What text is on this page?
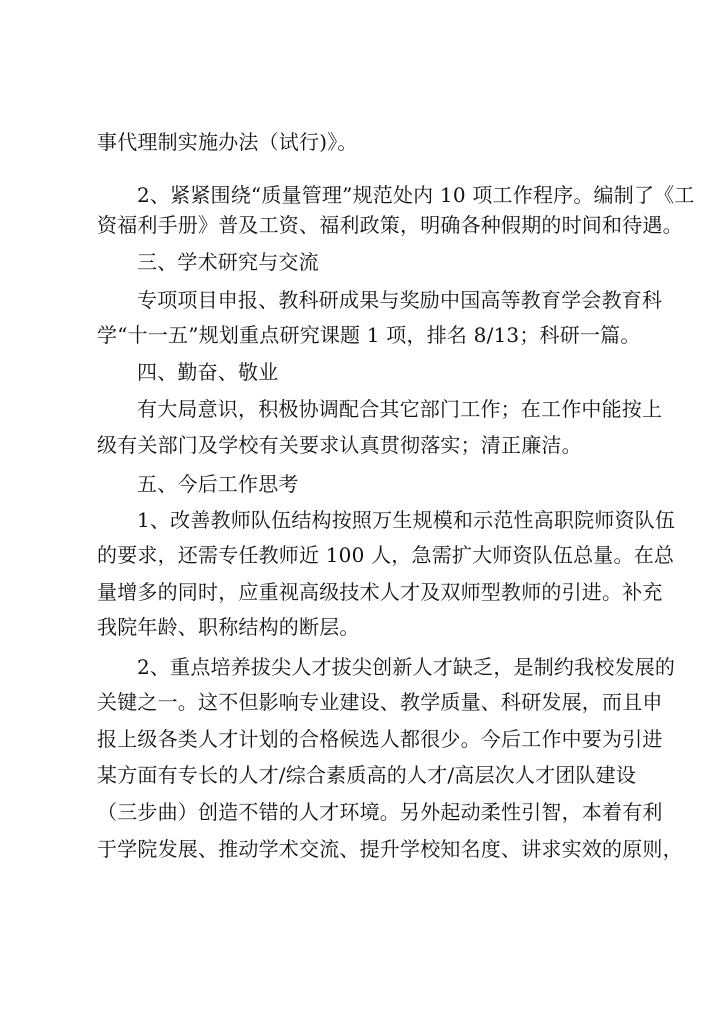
事代理制实施办法（试行)》。
2、紧紧围绕“质量管理”规范处内 10 项工作程序。编制了《工
资福利手册》普及工资、福利政策，明确各种假期的时间和待遇。
三、学术研究与交流
专项项目申报、教科研成果与奖励中国高等教育学会教育科
学“十一五”规划重点研究课题 1 项，排名 8/13；科研一篇。
四、勤奋、敬业
有大局意识，积极协调配合其它部门工作；在工作中能按上
级有关部门及学校有关要求认真贯彻落实；清正廉洁。
五、今后工作思考
1、改善教师队伍结构按照万生规模和示范性高职院师资队伍
的要求，还需专任教师近 100 人，急需扩大师资队伍总量。在总
量增多的同时，应重视高级技术人才及双师型教师的引进。补充
我院年龄、职称结构的断层。
2、重点培养拔尖人才拔尖创新人才缺乏，是制约我校发展的
关键之一。这不但影响专业建设、教学质量、科研发展，而且申
报上级各类人才计划的合格候选人都很少。今后工作中要为引进
某方面有专长的人才/综合素质高的人才/高层次人才团队建设
（三步曲）创造不错的人才环境。另外起动柔性引智，本着有利
于学院发展、推动学术交流、提升学校知名度、讲求实效的原则，
